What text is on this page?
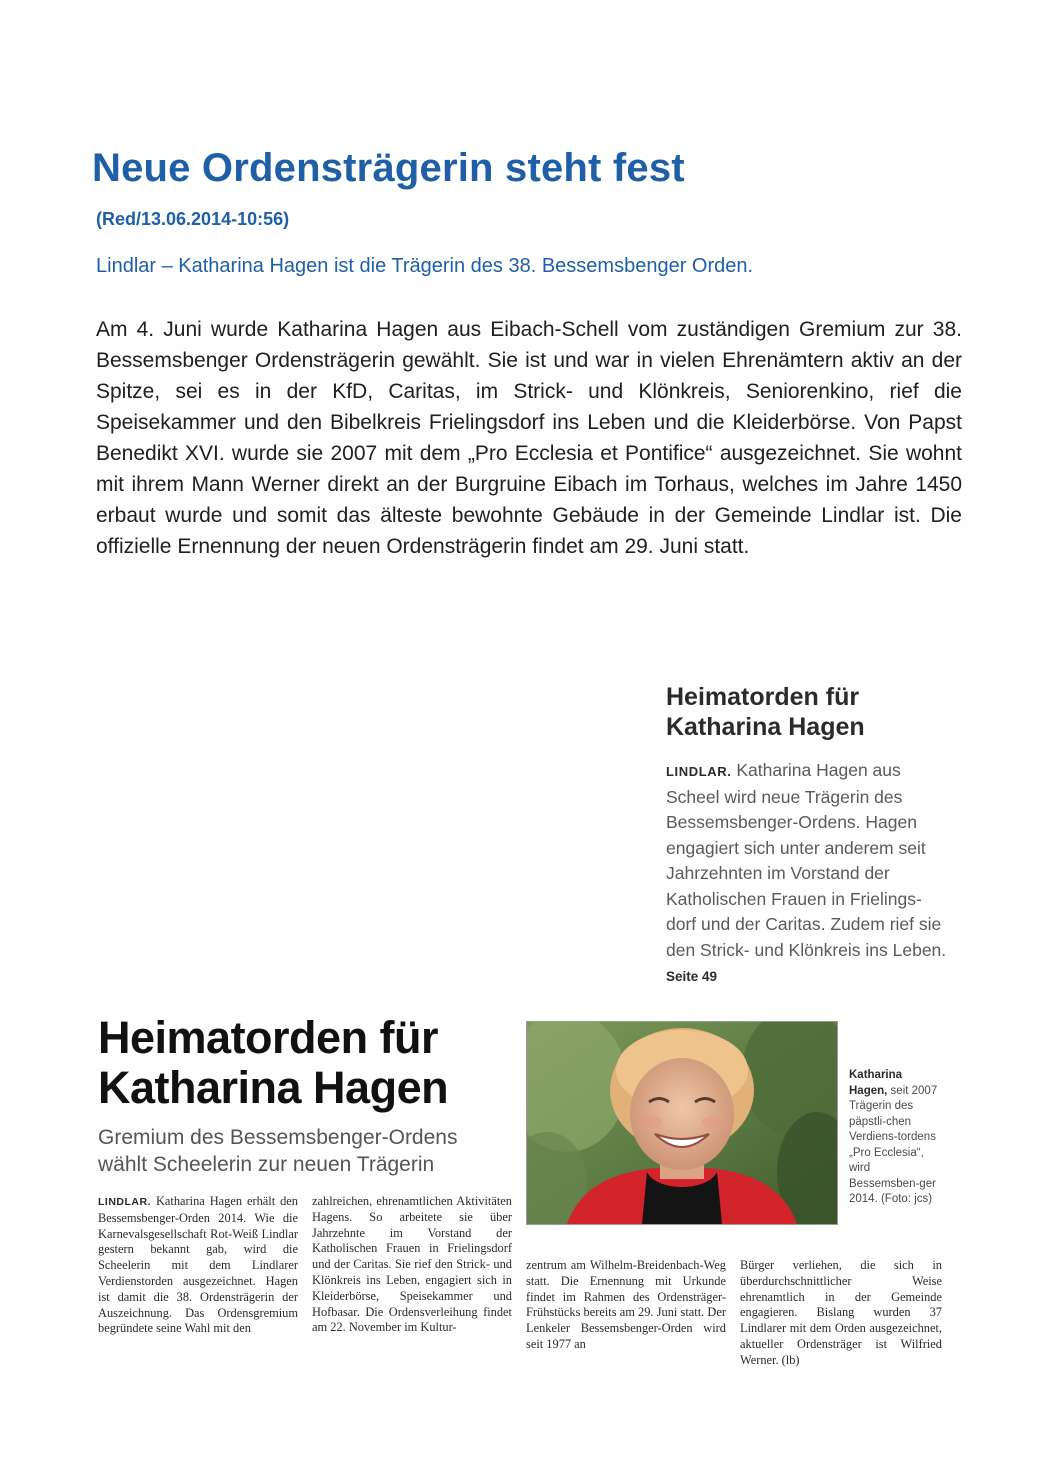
Neue Ordensträgerin steht fest
(Red/13.06.2014-10:56)
Lindlar – Katharina Hagen ist die Trägerin des 38. Bessemsbenger Orden.
Am 4. Juni wurde Katharina Hagen aus Eibach-Schell vom zuständigen Gremium zur 38. Bessemsbenger Ordensträgerin gewählt. Sie ist und war in vielen Ehrenämtern aktiv an der Spitze, sei es in der KfD, Caritas, im Strick- und Klönkreis, Seniorenkino, rief die Speisekammer und den Bibelkreis Frielingsdorf ins Leben und die Kleiderbörse. Von Papst Benedikt XVI. wurde sie 2007 mit dem „Pro Ecclesia et Pontifice“ ausgezeichnet. Sie wohnt mit ihrem Mann Werner direkt an der Burgruine Eibach im Torhaus, welches im Jahre 1450 erbaut wurde und somit das älteste bewohnte Gebäude in der Gemeinde Lindlar ist. Die offizielle Ernennung der neuen Ordensträgerin findet am 29. Juni statt.
Heimatorden für
Katharina Hagen
LINDLAR. Katharina Hagen aus Scheel wird neue Trägerin des Bessemsbenger-Ordens. Hagen engagiert sich unter anderem seit Jahrzehnten im Vorstand der Katholischen Frauen in Frielings-dorf und der Caritas. Zudem rief sie den Strick- und Klönkreis ins Leben. Seite 49
Heimatorden für
Katharina Hagen
Gremium des Bessemsbenger-Ordens
wählt Scheelerin zur neuen Trägerin
Katharina Hagen, seit 2007 Trägerin des päpstli-chen Verdiens-tordens „Pro Ecclesia“, wird Bessemsben-ger 2014. (Foto: jcs)
LINDLAR. Katharina Hagen erhält den Bessemsbenger-Orden 2014. Wie die Karnevalsgesellschaft Rot-Weiß Lindlar gestern bekannt gab, wird die Scheelerin mit dem Lindlarer Verdienstorden ausgezeichnet. Hagen ist damit die 38. Ordensträgerin der Auszeichnung. Das Ordensgremium begründete seine Wahl mit den
zahlreichen, ehrenamtlichen Aktivitäten Hagens. So arbeitete sie über Jahrzehnte im Vorstand der Katholischen Frauen in Frielingsdorf und der Caritas. Sie rief den Strick- und Klönkreis ins Leben, engagiert sich in Kleiderbörse, Speisekammer und Hofbasar. Die Ordensverleihung findet am 22. November im Kultur-
zentrum am Wilhelm-Breidenbach-Weg statt. Die Ernennung mit Urkunde findet im Rahmen des Ordensträger-Frühstücks bereits am 29. Juni statt. Der Lenkeler Bessemsbenger-Orden wird seit 1977 an
Bürger verliehen, die sich in überdurchschnittlicher Weise ehrenamtlich in der Gemeinde engagieren. Bislang wurden 37 Lindlarer mit dem Orden ausgezeichnet, aktueller Ordensträger ist Wilfried Werner. (lb)
